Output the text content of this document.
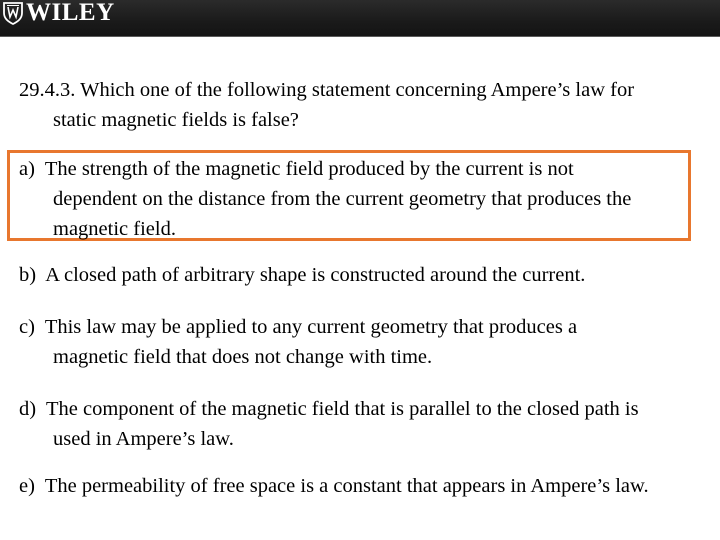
WILEY
29.4.3. Which one of the following statement concerning Ampere’s law for
static magnetic fields is false?
a) The strength of the magnetic field produced by the current is not
dependent on the distance from the current geometry that produces the
magnetic field.
b) A closed path of arbitrary shape is constructed around the current.
c) This law may be applied to any current geometry that produces a
magnetic field that does not change with time.
d) The component of the magnetic field that is parallel to the closed path is
used in Ampere’s law.
e) The permeability of free space is a constant that appears in Ampere’s law.
